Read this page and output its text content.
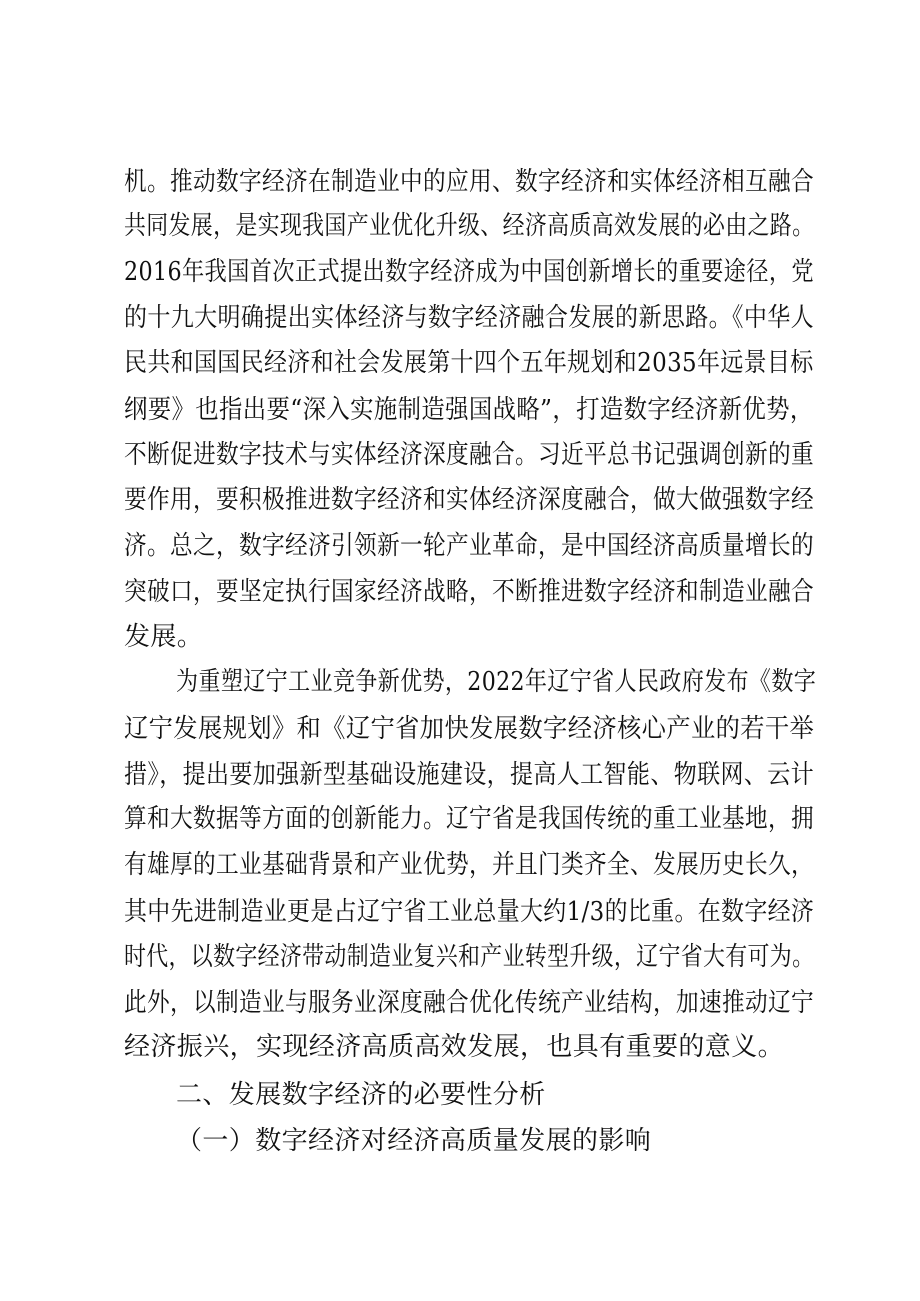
机。推动数字经济在制造业中的应用、数字经济和实体经济相互融合
共同发展，是实现我国产业优化升级、经济高质高效发展的必由之路。
2016年我国首次正式提出数字经济成为中国创新增长的重要途径，党
的十九大明确提出实体经济与数字经济融合发展的新思路。《中华人
民共和国国民经济和社会发展第十四个五年规划和2035年远景目标
纲要》也指出要“深入实施制造强国战略”，打造数字经济新优势，
不断促进数字技术与实体经济深度融合。习近平总书记强调创新的重
要作用，要积极推进数字经济和实体经济深度融合，做大做强数字经
济。总之，数字经济引领新一轮产业革命，是中国经济高质量增长的
突破口，要坚定执行国家经济战略，不断推进数字经济和制造业融合
发展。
为重塑辽宁工业竞争新优势，2022年辽宁省人民政府发布《数字
辽宁发展规划》和《辽宁省加快发展数字经济核心产业的若干举
措》，提出要加强新型基础设施建设，提高人工智能、物联网、云计
算和大数据等方面的创新能力。辽宁省是我国传统的重工业基地，拥
有雄厚的工业基础背景和产业优势，并且门类齐全、发展历史长久，
其中先进制造业更是占辽宁省工业总量大约1/3的比重。在数字经济
时代，以数字经济带动制造业复兴和产业转型升级，辽宁省大有可为。
此外，以制造业与服务业深度融合优化传统产业结构，加速推动辽宁
经济振兴，实现经济高质高效发展，也具有重要的意义。
二、发展数字经济的必要性分析
（一）数字经济对经济高质量发展的影响
